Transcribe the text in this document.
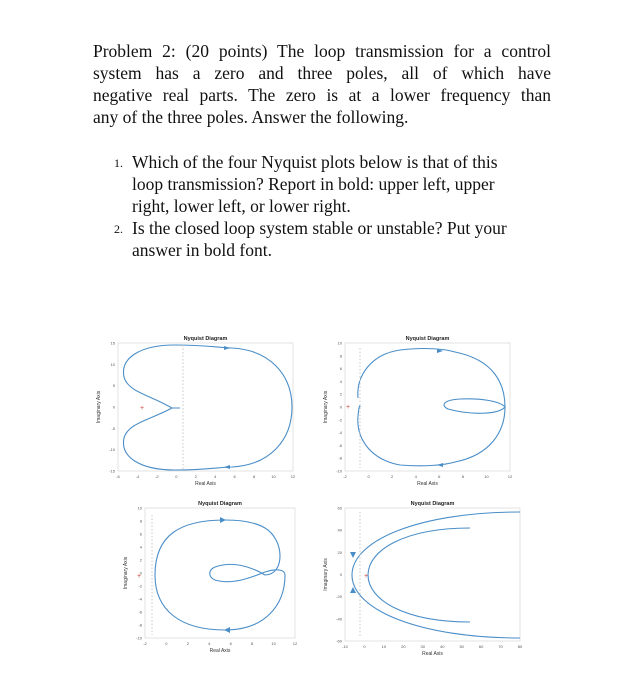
Problem 2: (20 points) The loop transmission for a control
system has a zero and three poles, all of which have
negative real parts. The zero is at a lower frequency than
any of the three poles. Answer the following.
1. Which of the four Nyquist plots below is that of this
loop transmission? Report in bold: upper left, upper
right, lower left, or lower right.
2. Is the closed loop system stable or unstable? Put your
answer in bold font.
+	+
+	+
Nyquist Diagram
Real Axis
Imaginary Axis
-6	-4	-2	0	2	4	6	8	10	12
15
10
5
0
-5
-10
-15
Nyquist Diagram
Real Axis
Imaginary Axis
-2	0	2	4	6	8	10	12
10
8
6
4
2
0
-2
-4
-6
-8
-10
Nyquist Diagram
Real Axis
Imaginary Axis
-2	0	2	4	6	8	10	12
10
8
6
4
2
0
-2
-4
-6
-8
-10
Nyquist Diagram
Real Axis
Imaginary Axis
-10	0	10	20	30	40	50	60	70	80
60
40
20
0
-20
-40
-60
